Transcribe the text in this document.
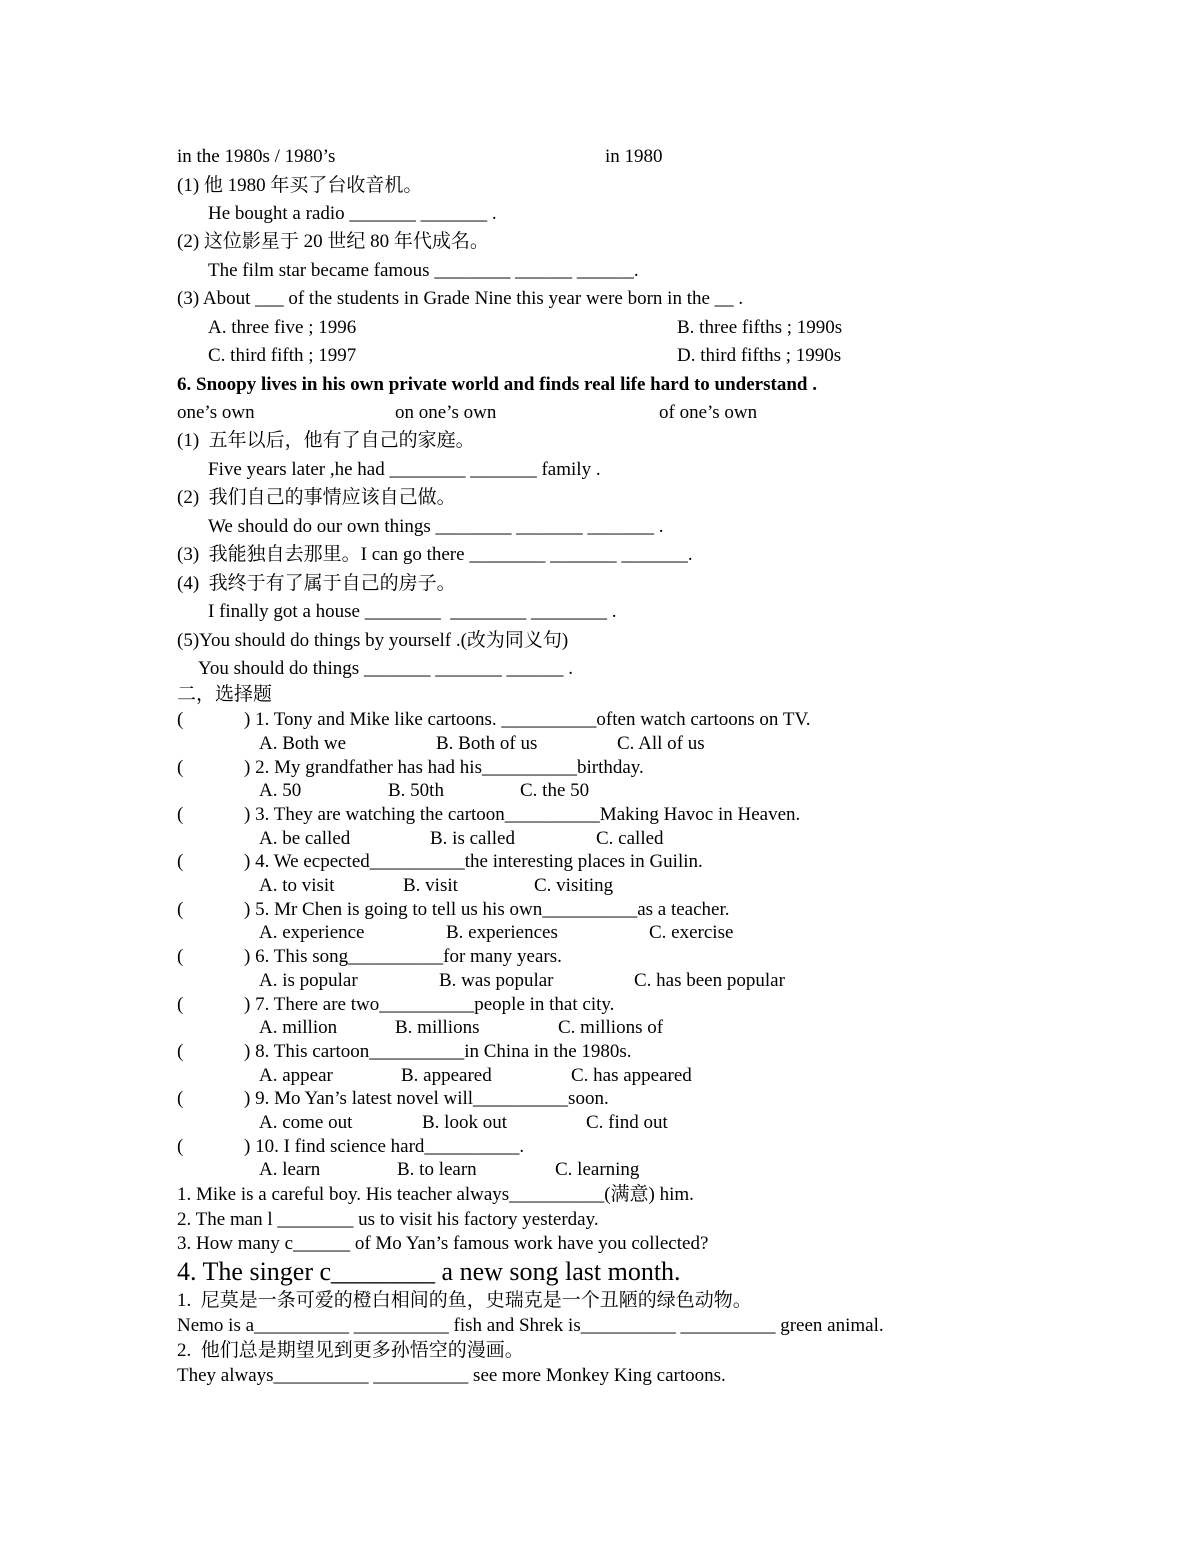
in the 1980s / 1980’s	in 1980
(1) 他 1980 年买了台收音机。
He bought a radio _______ _______ .
(2) 这位影星于 20 世纪 80 年代成名。
The film star became famous ________ ______ ______.
(3) About ___ of the students in Grade Nine this year were born in the __ .
A. three five ; 1996	B. three fifths ; 1990s
C. third fifth ; 1997	D. third fifths ; 1990s
6. Snoopy lives in his own private world and finds real life hard to understand .
one’s own	on one’s own	of one’s own
(1)  五年以后，他有了自己的家庭。
Five years later ,he had ________ _______ family .
(2)  我们自己的事情应该自己做。
We should do our own things ________ _______ _______ .
(3)  我能独自去那里。I can go there ________ _______ _______.
(4)  我终于有了属于自己的房子。
I finally got a house ________  ________ ________ .
(5)You should do things by yourself .(改为同义句)
You should do things _______ _______ ______ .
二，选择题
(	) 1. Tony and Mike like cartoons. __________often watch cartoons on TV.
A. Both we	B. Both of us	C. All of us
(	) 2. My grandfather has had his__________birthday.
A. 50	B. 50th	C. the 50
(	) 3. They are watching the cartoon__________Making Havoc in Heaven.
A. be called	B. is called	C. called
(	) 4. We ecpected__________the interesting places in Guilin.
A. to visit	B. visit	C. visiting
(	) 5. Mr Chen is going to tell us his own__________as a teacher.
A. experience	B. experiences	C. exercise
(	) 6. This song__________for many years.
A. is popular	B. was popular	C. has been popular
(	) 7. There are two__________people in that city.
A. million	B. millions	C. millions of
(	) 8. This cartoon__________in China in the 1980s.
A. appear	B. appeared	C. has appeared
(	) 9. Mo Yan’s latest novel will__________soon.
A. come out	B. look out	C. find out
(	) 10. I find science hard__________.
A. learn	B. to learn	C. learning
1. Mike is a careful boy. His teacher always__________(满意) him.
2. The man l ________ us to visit his factory yesterday.
3. How many c______ of Mo Yan’s famous work have you collected?
4. The singer c________ a new song last month.
1.  尼莫是一条可爱的橙白相间的鱼，史瑞克是一个丑陋的绿色动物。
Nemo is a__________ __________ fish and Shrek is__________ __________ green animal.
2.  他们总是期望见到更多孙悟空的漫画。
They always__________ __________ see more Monkey King cartoons.
